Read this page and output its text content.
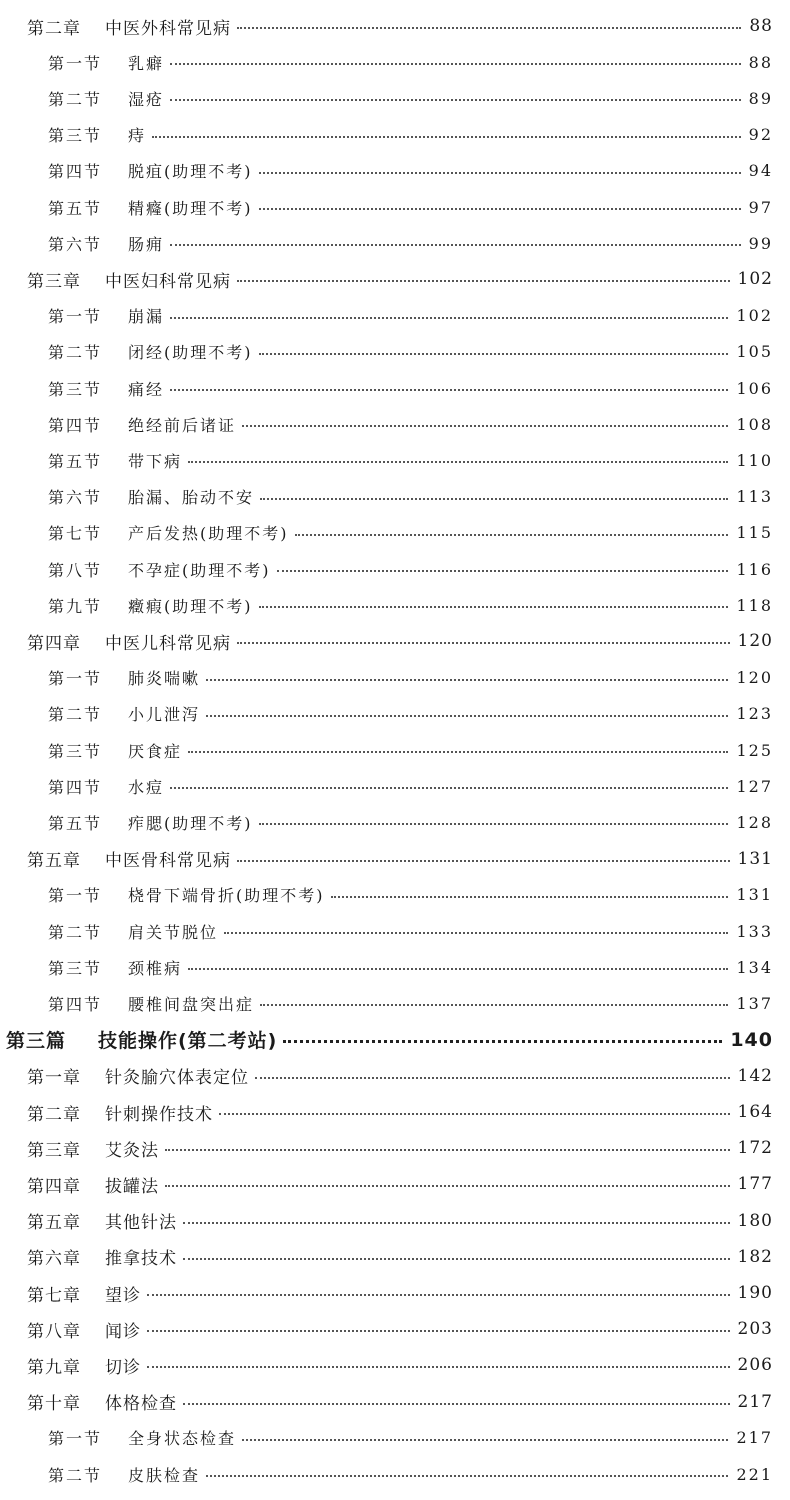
第二章	中医外科常见病	88
第一节	乳癖	88
第二节	湿疮	89
第三节	痔	92
第四节	脱疽(助理不考)	94
第五节	精癃(助理不考)	97
第六节	肠痈	99
第三章	中医妇科常见病	102
第一节	崩漏	102
第二节	闭经(助理不考)	105
第三节	痛经	106
第四节	绝经前后诸证	108
第五节	带下病	110
第六节	胎漏、胎动不安	113
第七节	产后发热(助理不考)	115
第八节	不孕症(助理不考)	116
第九节	癥瘕(助理不考)	118
第四章	中医儿科常见病	120
第一节	肺炎喘嗽	120
第二节	小儿泄泻	123
第三节	厌食症	125
第四节	水痘	127
第五节	痄腮(助理不考)	128
第五章	中医骨科常见病	131
第一节	桡骨下端骨折(助理不考)	131
第二节	肩关节脱位	133
第三节	颈椎病	134
第四节	腰椎间盘突出症	137
第三篇	技能操作(第二考站)	140
第一章	针灸腧穴体表定位	142
第二章	针刺操作技术	164
第三章	艾灸法	172
第四章	拔罐法	177
第五章	其他针法	180
第六章	推拿技术	182
第七章	望诊	190
第八章	闻诊	203
第九章	切诊	206
第十章	体格检查	217
第一节	全身状态检查	217
第二节	皮肤检查	221
